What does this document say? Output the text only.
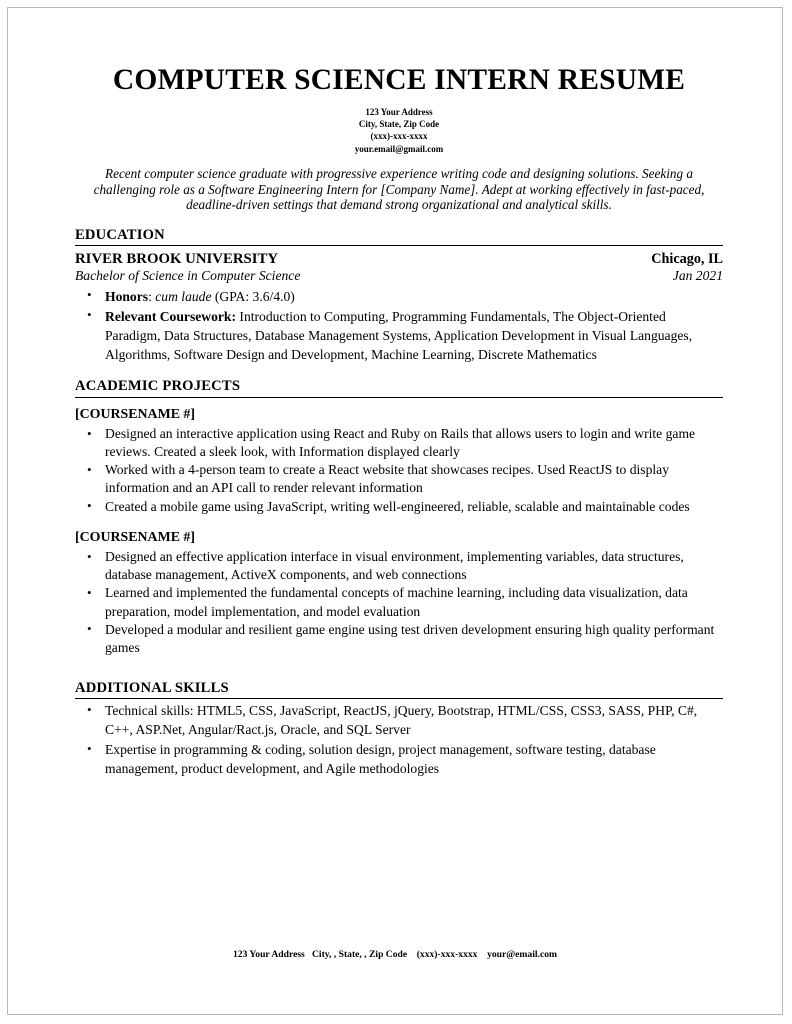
COMPUTER SCIENCE INTERN RESUME
123 Your Address
City, State, Zip Code
(xxx)-xxx-xxxx
your.email@gmail.com
Recent computer science graduate with progressive experience writing code and designing solutions. Seeking a challenging role as a Software Engineering Intern for [Company Name]. Adept at working effectively in fast-paced, deadline-driven settings that demand strong organizational and analytical skills.
EDUCATION
RIVER BROOK UNIVERSITY	Chicago, IL
Bachelor of Science in Computer Science	Jan 2021
• Honors: cum laude (GPA: 3.6/4.0)
• Relevant Coursework: Introduction to Computing, Programming Fundamentals, The Object-Oriented Paradigm, Data Structures, Database Management Systems, Application Development in Visual Languages, Algorithms, Software Design and Development, Machine Learning, Discrete Mathematics
ACADEMIC PROJECTS
[COURSENAME #]
• Designed an interactive application using React and Ruby on Rails that allows users to login and write game reviews. Created a sleek look, with Information displayed clearly
• Worked with a 4-person team to create a React website that showcases recipes. Used ReactJS to display information and an API call to render relevant information
• Created a mobile game using JavaScript, writing well-engineered, reliable, scalable and maintainable codes
[COURSENAME #]
• Designed an effective application interface in visual environment, implementing variables, data structures, database management, ActiveX components, and web connections
• Learned and implemented the fundamental concepts of machine learning, including data visualization, data preparation, model implementation, and model evaluation
• Developed a modular and resilient game engine using test driven development ensuring high quality performant games
ADDITIONAL SKILLS
• Technical skills: HTML5, CSS, JavaScript, ReactJS, jQuery, Bootstrap, HTML/CSS, CSS3, SASS, PHP, C#, C++, ASP.Net, Angular/Ract.js, Oracle, and SQL Server
• Expertise in programming & coding, solution design, project management, software testing, database management, product development, and Agile methodologies
123 Your Address   City, , State, , Zip Code    (xxx)-xxx-xxxx    your@email.com
